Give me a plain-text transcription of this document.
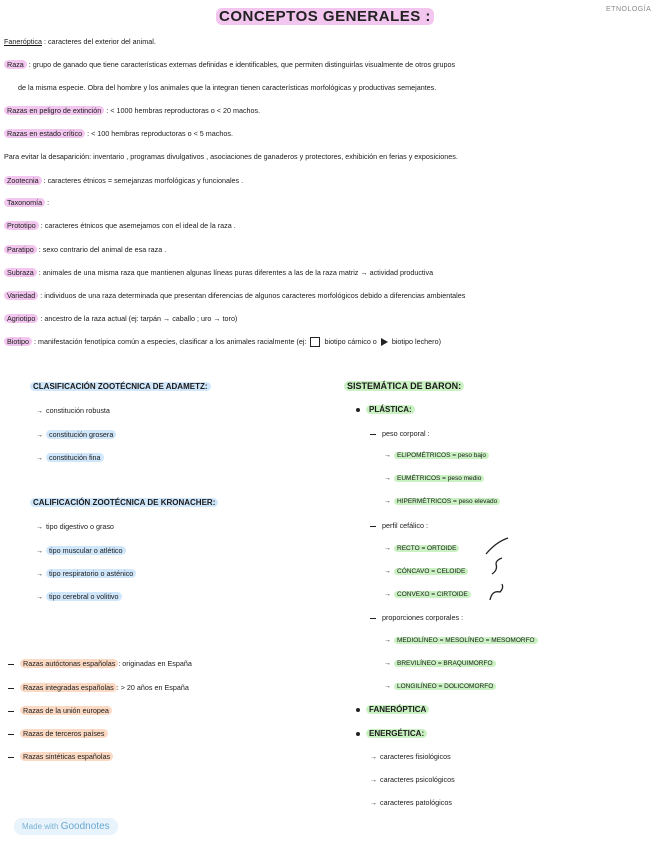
CONCEPTOS GENERALES :	ETNOLOGÍA
Faneróptica : caracteres del exterior del animal.
Raza : grupo de ganado que tiene características externas definidas e identificables, que permiten distinguirlas visualmente de otros grupos
de la misma especie. Obra del hombre y los animales que la integran tienen características morfológicas y productivas semejantes.
Razas en peligro de extinción : < 1000 hembras reproductoras o < 20 machos.
Razas en estado crítico : < 100 hembras reproductoras o < 5 machos.
Para evitar la desaparición: inventario , programas divulgativos , asociaciones de ganaderos y protectores, exhibición en ferias y exposiciones.
Zootecnia : caracteres étnicos = semejanzas morfológicas y funcionales .
Taxonomía :
Prototipo : caracteres étnicos que asemejamos con el ideal de la raza .
Paratipo : sexo contrario del animal de esa raza .
Subraza : animales de una misma raza que mantienen algunas líneas puras diferentes a las de la raza matriz → actividad productiva
Variedad : individuos de una raza determinada que presentan diferencias de algunos caracteres morfológicos debido a diferencias ambientales
Agriotipo : ancestro de la raza actual (ej: tarpán → caballo ; uro → toro)
Biotipo : manifestación fenotípica común a especies, clasificar a los animales racialmente (ej:	biotipo cárnico o biotipo lechero)
CLASIFICACIÓN ZOOTÉCNICA DE ADAMETZ:
→ constitución robusta
→ constitución grosera
→ constitución fina
CALIFICACIÓN ZOOTÉCNICA DE KRONACHER:
→ tipo digestivo o graso
→ tipo muscular o atlético
→ tipo respiratorio o asténico
→ tipo cerebral o volitivo
Razas autóctonas españolas : originadas en España
Razas integradas españolas : > 20 años en España
Razas de la unión europea
Razas de terceros países
Razas sintéticas españolas
SISTEMÁTICA DE BARON:
PLÁSTICA:
peso corporal :
→ ELIPOMÉTRICOS = peso bajo
→ EUMÉTRICOS = peso medio
→ HIPERMÉTRICOS = peso elevado
perfil cefálico :
→ RECTO = ORTOIDE
→ CÓNCAVO = CELOIDE
→ CONVEXO = CIRTOIDE
proporciones corporales :
→ MEDIOLÍNEO = MESOLÍNEO = MESOMORFO
→ BREVILÍNEO = BRAQUIMORFO
→ LONGILÍNEO = DOLICOMORFO
FANERÓPTICA
ENERGÉTICA:
→ caracteres fisiológicos
→ caracteres psicológicos
→ caracteres patológicos
Made with Goodnotes
